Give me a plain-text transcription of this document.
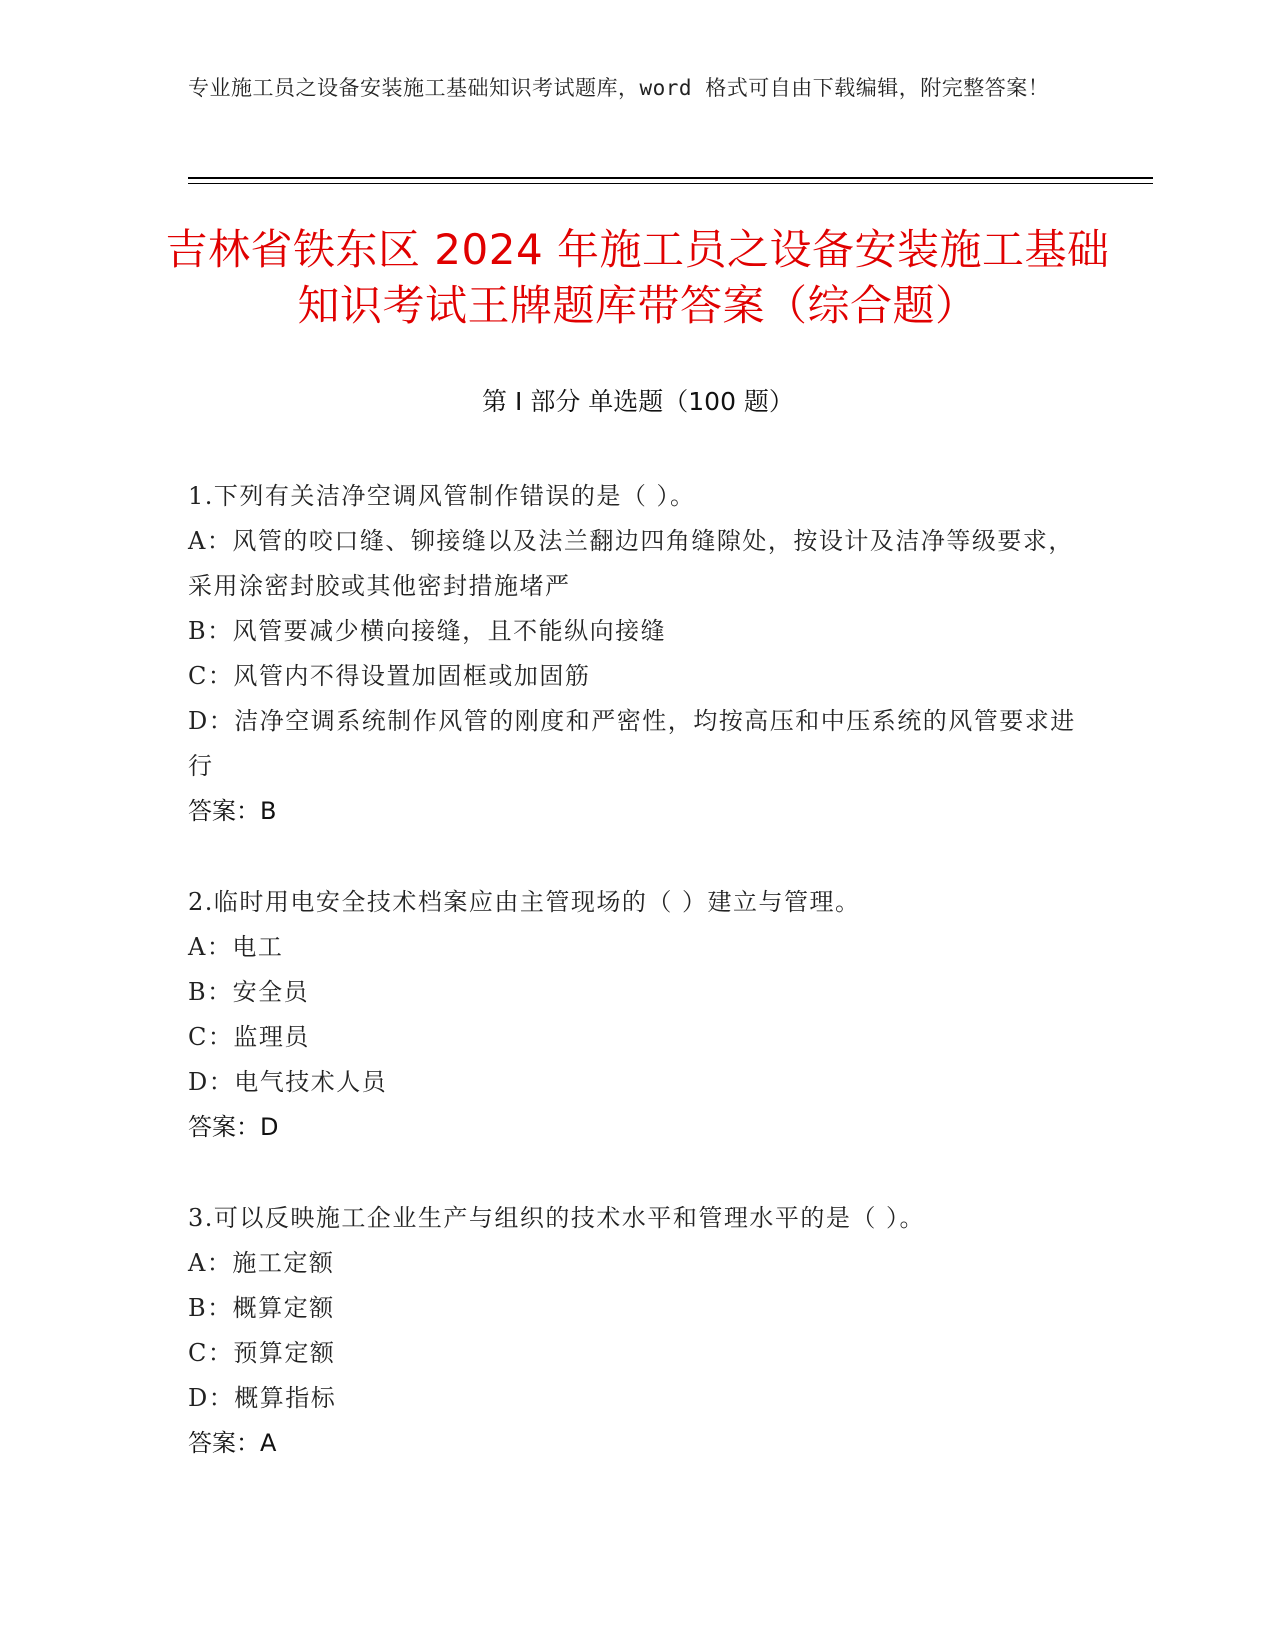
专业施工员之设备安装施工基础知识考试题库，word 格式可自由下载编辑，附完整答案！
吉林省铁东区 2024 年施工员之设备安装施工基础知识考试王牌题库带答案（综合题）
第 I 部分 单选题（100 题）
1.下列有关洁净空调风管制作错误的是（ ）。
A：风管的咬口缝、铆接缝以及法兰翻边四角缝隙处，按设计及洁净等级要求，采用涂密封胶或其他密封措施堵严
B：风管要减少横向接缝，且不能纵向接缝
C：风管内不得设置加固框或加固筋
D：洁净空调系统制作风管的刚度和严密性，均按高压和中压系统的风管要求进行
答案：B
2.临时用电安全技术档案应由主管现场的（ ）建立与管理。
A：电工
B：安全员
C：监理员
D：电气技术人员
答案：D
3.可以反映施工企业生产与组织的技术水平和管理水平的是（ ）。
A：施工定额
B：概算定额
C：预算定额
D：概算指标
答案：A
